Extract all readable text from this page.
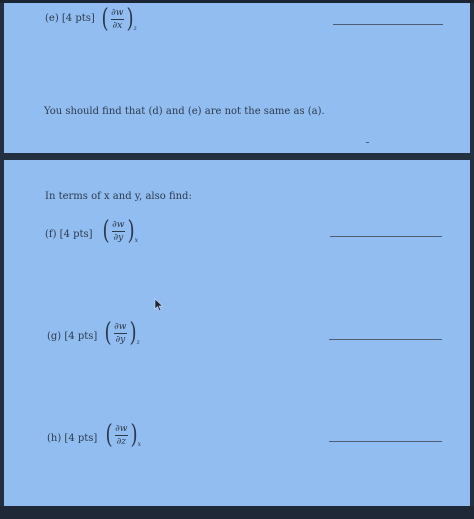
(e) [4 pts] ( ∂w
∂x ) z
You should find that (d) and (e) are not the same as (a).
In terms of x and y, also find:
(f) [4 pts] ( ∂w
∂y ) x
(g) [4 pts] ( ∂w
∂y ) z
(h) [4 pts] ( ∂w
∂z ) x
